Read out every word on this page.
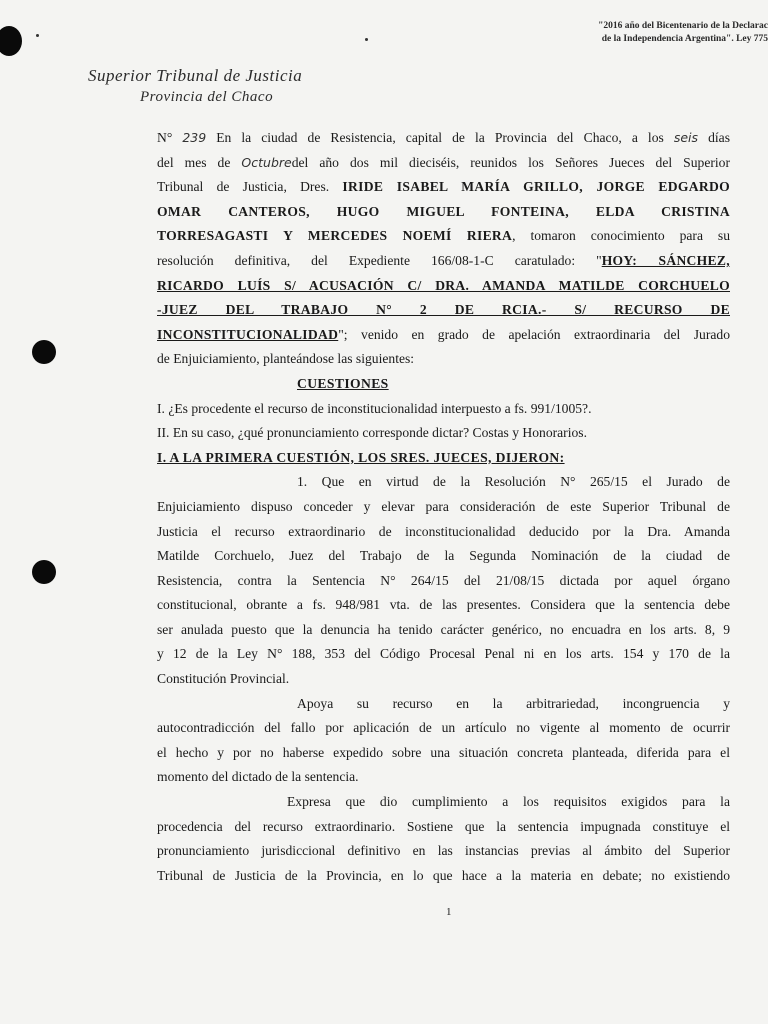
"2016 año del Bicentenario de la Declarac
de la Independencia Argentina". Ley 775
Superior Tribunal de Justicia
Provincia del Chaco
N° 239 En la ciudad de Resistencia, capital de la Provincia del Chaco, a los seis días
del mes de Octubredel año dos mil dieciséis, reunidos los Señores Jueces del Superior
Tribunal de Justicia, Dres. IRIDE ISABEL MARÍA GRILLO, JORGE EDGARDO
OMAR CANTEROS, HUGO MIGUEL FONTEINA, ELDA CRISTINA
TORRESAGASTI Y MERCEDES NOEMÍ RIERA, tomaron conocimiento para su
resolución definitiva, del Expediente 166/08-1-C caratulado: "HOY: SÁNCHEZ,
RICARDO LUÍS S/ ACUSACIÓN C/ DRA. AMANDA MATILDE CORCHUELO
-JUEZ DEL TRABAJO N° 2 DE RCIA.- S/ RECURSO DE
INCONSTITUCIONALIDAD"; venido en grado de apelación extraordinaria del Jurado
de Enjuiciamiento, planteándose las siguientes:
CUESTIONES
I. ¿Es procedente el recurso de inconstitucionalidad interpuesto a fs. 991/1005?.
II. En su caso, ¿qué pronunciamiento corresponde dictar? Costas y Honorarios.
I. A LA PRIMERA CUESTIÓN, LOS SRES. JUECES, DIJERON:
1. Que en virtud de la Resolución N° 265/15 el Jurado de
Enjuiciamiento dispuso conceder y elevar para consideración de este Superior Tribunal de
Justicia el recurso extraordinario de inconstitucionalidad deducido por la Dra. Amanda
Matilde Corchuelo, Juez del Trabajo de la Segunda Nominación de la ciudad de
Resistencia, contra la Sentencia N° 264/15 del 21/08/15 dictada por aquel órgano
constitucional, obrante a fs. 948/981 vta. de las presentes. Considera que la sentencia debe
ser anulada puesto que la denuncia ha tenido carácter genérico, no encuadra en los arts. 8, 9
y 12 de la Ley N° 188, 353 del Código Procesal Penal ni en los arts. 154 y 170 de la
Constitución Provincial.
Apoya su recurso en la arbitrariedad, incongruencia y
autocontradicción del fallo por aplicación de un artículo no vigente al momento de ocurrir
el hecho y por no haberse expedido sobre una situación concreta planteada, diferida para el
momento del dictado de la sentencia.
Expresa que dio cumplimiento a los requisitos exigidos para la
procedencia del recurso extraordinario. Sostiene que la sentencia impugnada constituye el
pronunciamiento jurisdiccional definitivo en las instancias previas al ámbito del Superior
Tribunal de Justicia de la Provincia, en lo que hace a la materia en debate; no existiendo
1
